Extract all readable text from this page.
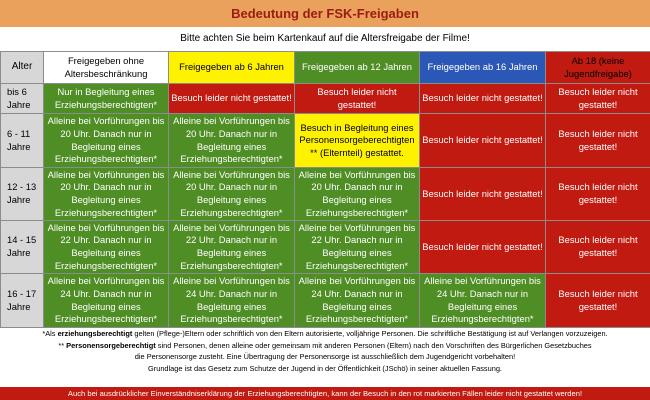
Bedeutung der FSK-Freigaben
Bitte achten Sie beim Kartenkauf auf die Altersfreigabe der Filme!
Alter	Freigegeben ohne Altersbeschränkung	Freigegeben ab 6 Jahren	Freigegeben ab 12 Jahren	Freigegeben ab 16 Jahren	Ab 18 (keine Jugendfreigabe)
bis 6 Jahre	Nur in Begleitung eines Erziehungsberechtigten*	Besuch leider nicht gestattet!	Besuch leider nicht gestattet!	Besuch leider nicht gestattet!	Besuch leider nicht gestattet!
6 - 11 Jahre	Alleine bei Vorführungen bis 20 Uhr. Danach nur in Begleitung eines Erziehungsberechtigten*	Alleine bei Vorführungen bis 20 Uhr. Danach nur in Begleitung eines Erziehungsberechtigten*	Besuch in Begleitung eines Personensorgeberechtigten ** (Elternteil) gestattet.	Besuch leider nicht gestattet!	Besuch leider nicht gestattet!
12 - 13 Jahre	Alleine bei Vorführungen bis 20 Uhr. Danach nur in Begleitung eines Erziehungsberechtigten*	Alleine bei Vorführungen bis 20 Uhr. Danach nur in Begleitung eines Erziehungsberechtigten*	Alleine bei Vorführungen bis 20 Uhr. Danach nur in Begleitung eines Erziehungsberechtigten*	Besuch leider nicht gestattet!	Besuch leider nicht gestattet!
14 - 15 Jahre	Alleine bei Vorführungen bis 22 Uhr. Danach nur in Begleitung eines Erziehungsberechtigten*	Alleine bei Vorführungen bis 22 Uhr. Danach nur in Begleitung eines Erziehungsberechtigten*	Alleine bei Vorführungen bis 22 Uhr. Danach nur in Begleitung eines Erziehungsberechtigten*	Besuch leider nicht gestattet!	Besuch leider nicht gestattet!
16 - 17 Jahre	Alleine bei Vorführungen bis 24 Uhr. Danach nur in Begleitung eines Erziehungsberechtigten*	Alleine bei Vorführungen bis 24 Uhr. Danach nur in Begleitung eines Erziehungsberechtigten*	Alleine bei Vorführungen bis 24 Uhr. Danach nur in Begleitung eines Erziehungsberechtigten*	Alleine bei Vorführungen bis 24 Uhr. Danach nur in Begleitung eines Erziehungsberechtigten*	Besuch leider nicht gestattet!

*Als erziehungsberechtigt gelten (Pflege-)Eltern oder schriftlich von den Eltern autorisierte, volljährige Personen. Die schriftliche Bestätigung ist auf Verlangen vorzuzeigen.

** Personensorgeberechtigt sind Personen, denen alleine oder gemeinsam mit anderen Personen (Eltern) nach den Vorschriften des Bürgerlichen Gesetzbuches

die Personensorge zusteht. Eine Übertragung der Personensorge ist ausschließlich dem Jugendgericht vorbehalten!

Grundlage ist das Gesetz zum Schutze der Jugend in der Öffentlichkeit (JSchö) in seiner aktuellen Fassung.

Auch bei ausdrücklicher Einverständniserklärung der Erziehungsberechtigten, kann der Besuch in den rot markierten Fällen leider nicht gestattet werden!
